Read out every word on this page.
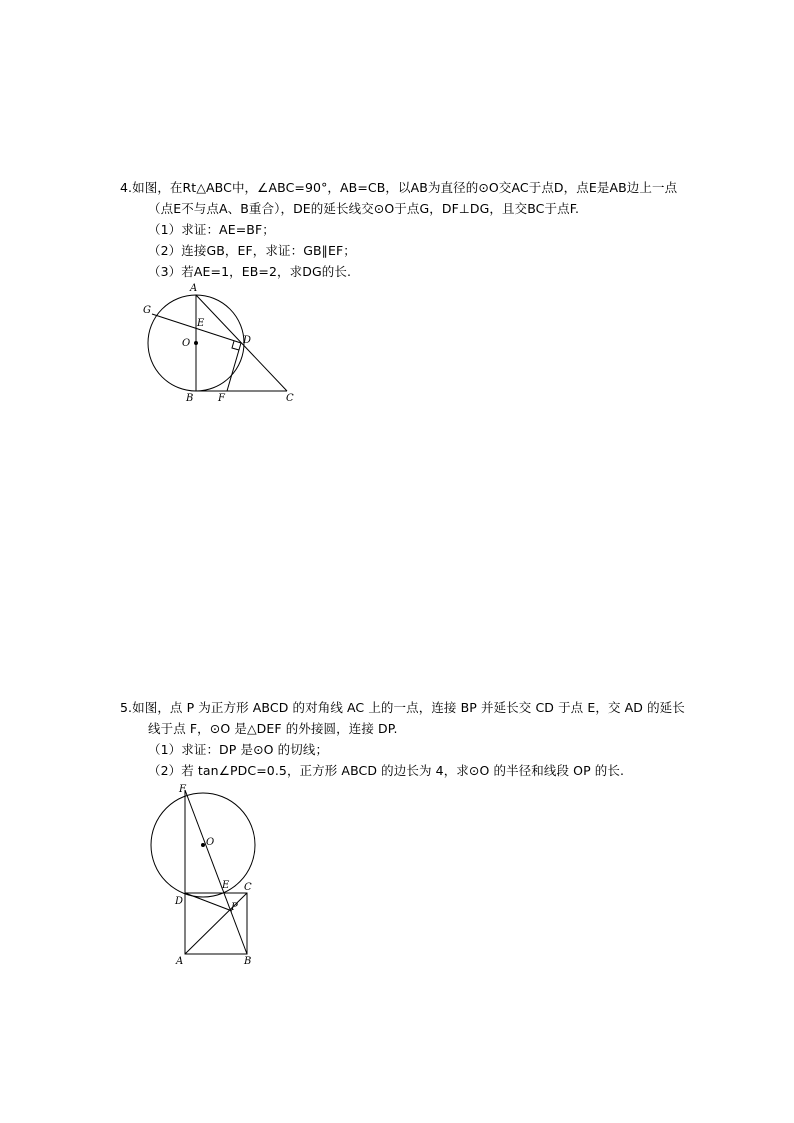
4.如图，在Rt△ABC中，∠ABC=90°，AB=CB，以AB为直径的⊙O交AC于点D，点E是AB边上一点
（点E不与点A、B重合），DE的延长线交⊙O于点G，DF⊥DG，且交BC于点F.
（1）求证：AE=BF；
（2）连接GB，EF，求证：GB∥EF；
（3）若AE=1，EB=2，求DG的长.
A
G
E
O	D
B F	C
5.如图，点 P 为正方形 ABCD 的对角线 AC 上的一点，连接 BP 并延长交 CD 于点 E，交 AD 的延长
线于点 F，⊙O 是△DEF 的外接圆，连接 DP.
（1）求证：DP 是⊙O 的切线；
（2）若 tan∠PDC=0.5，正方形 ABCD 的边长为 4，求⊙O 的半径和线段 OP 的长.
F
O
E C
D
P
A	B
